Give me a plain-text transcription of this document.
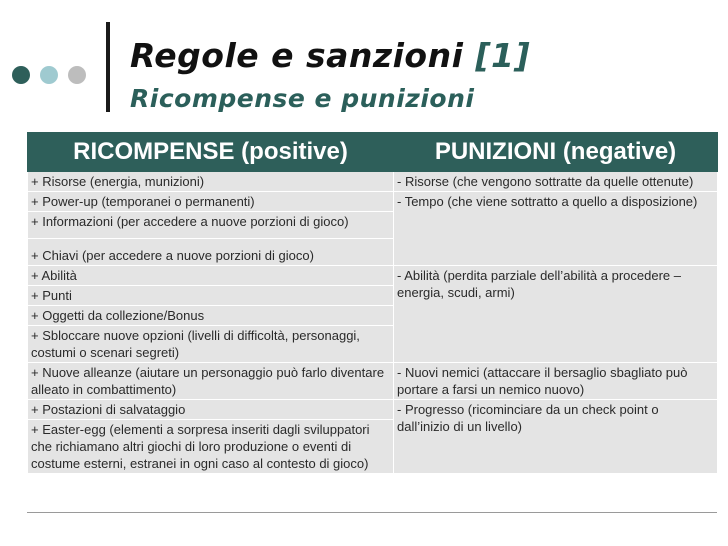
Regole e sanzioni [1]
Ricompense e punizioni
RICOMPENSE (positive)	PUNIZIONI (negative)
+ Risorse (energia, munizioni)	- Risorse (che vengono sottratte da quelle ottenute)
+ Power-up (temporanei o permanenti)	- Tempo (che viene sottratto a quello a disposizione)
+ Informazioni (per accedere a nuove porzioni di gioco)	
+ Chiavi (per accedere a nuove porzioni di gioco)	
+ Abilità	- Abilità (perdita parziale dell’abilità a procedere – energia, scudi, armi)
+ Punti	
+ Oggetti da collezione/Bonus	
+ Sbloccare nuove opzioni (livelli di difficoltà, personaggi, costumi o scenari segreti)	
+ Nuove alleanze (aiutare un personaggio può farlo diventare alleato in combattimento)	- Nuovi nemici (attaccare il bersaglio sbagliato può portare a farsi un nemico nuovo)
+ Postazioni di salvataggio	- Progresso (ricominciare da un check point o dall’inizio di un livello)
+ Easter-egg (elementi a sorpresa inseriti dagli sviluppatori che richiamano altri giochi di loro produzione o eventi di costume esterni, estranei in ogni caso al contesto di gioco)	
